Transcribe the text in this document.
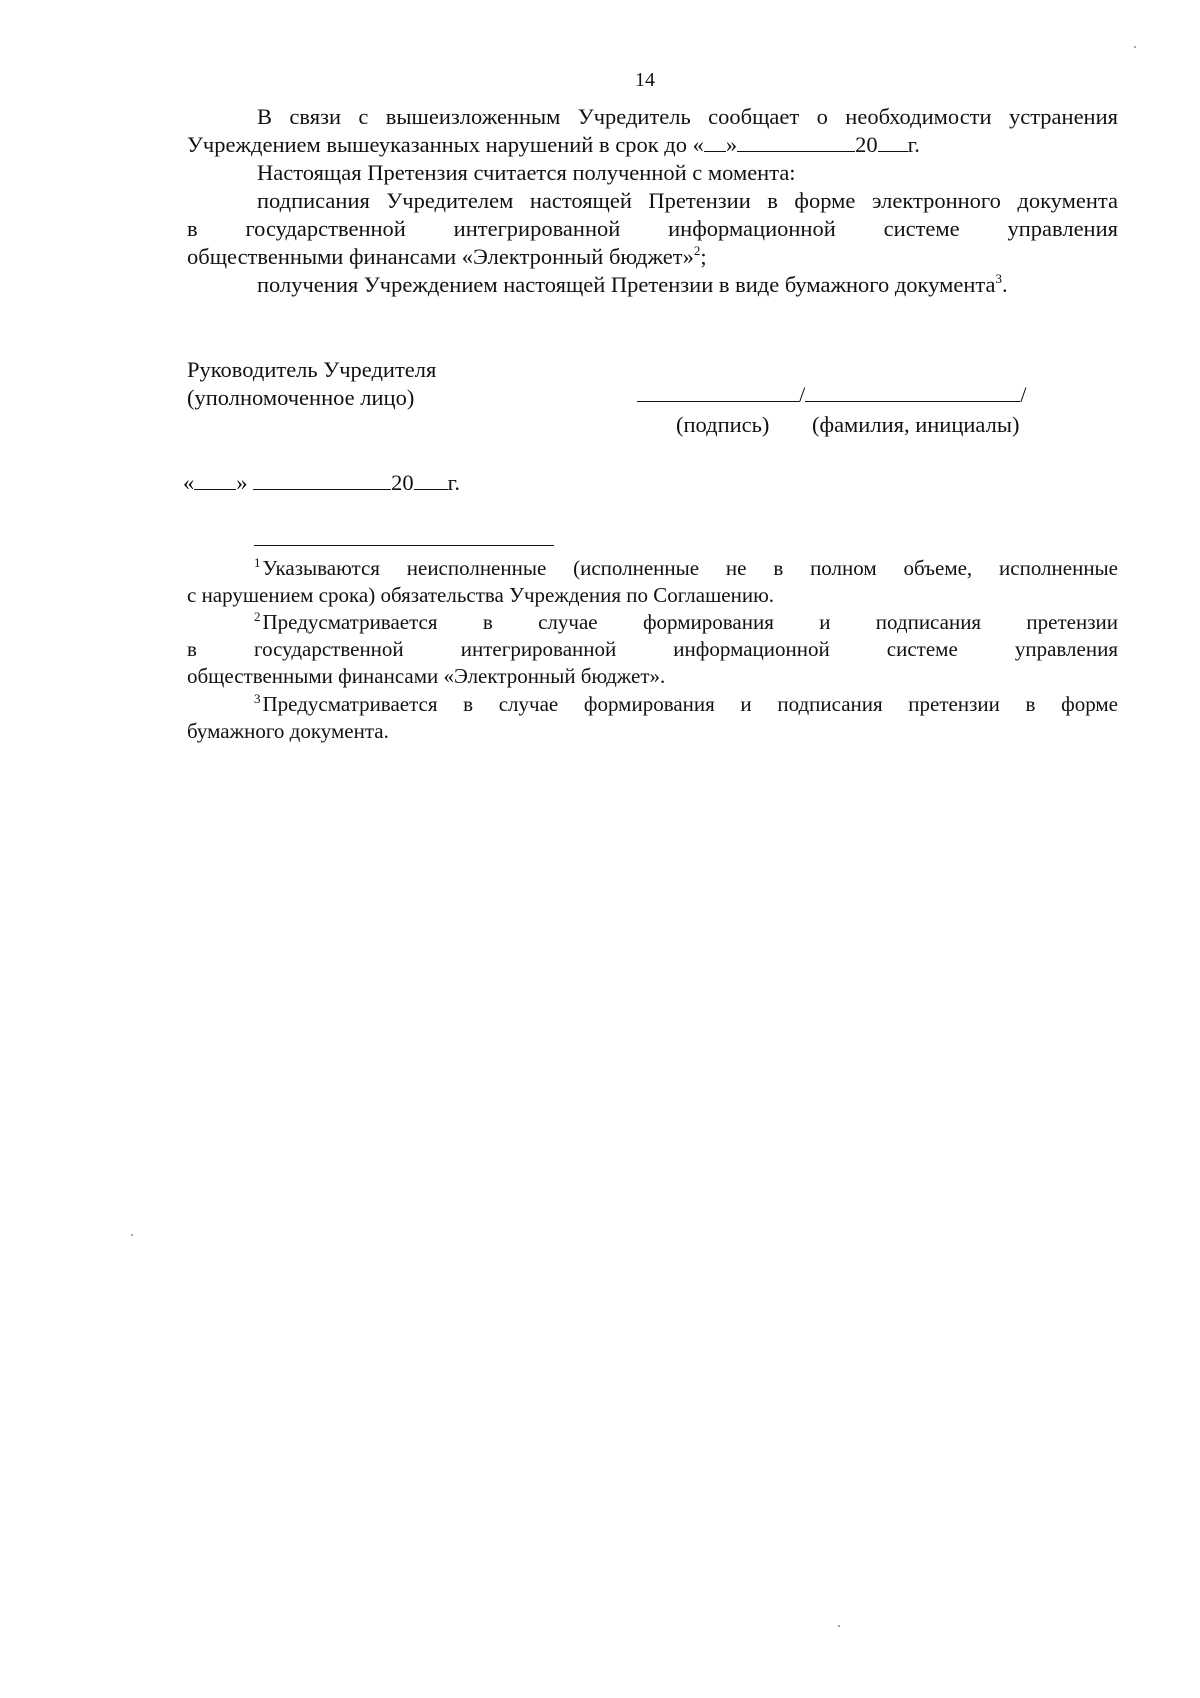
14
В связи с вышеизложенным Учредитель сообщает о необходимости устранения
Учреждением вышеуказанных нарушений в срок до « »	20 г.
Настоящая Претензия считается полученной с момента:
подписания Учредителем настоящей Претензии в форме электронного документа
в государственной интегрированной информационной системе управления
общественными финансами «Электронный бюджет»$^2$;
получения Учреждением настоящей Претензии в виде бумажного документа$^3$.
Руководитель Учредителя
(уполномоченное лицо)	/	/
(подпись) (фамилия, инициалы)
« »	20 г.
$^1$Указываются неисполненные (исполненные не в полном объеме, исполненные
с нарушением срока) обязательства Учреждения по Соглашению.
$^2$Предусматривается в случае формирования и подписания претензии
в государственной интегрированной информационной системе управления
общественными финансами «Электронный бюджет».
$^3$Предусматривается в случае формирования и подписания претензии в форме
бумажного документа.
